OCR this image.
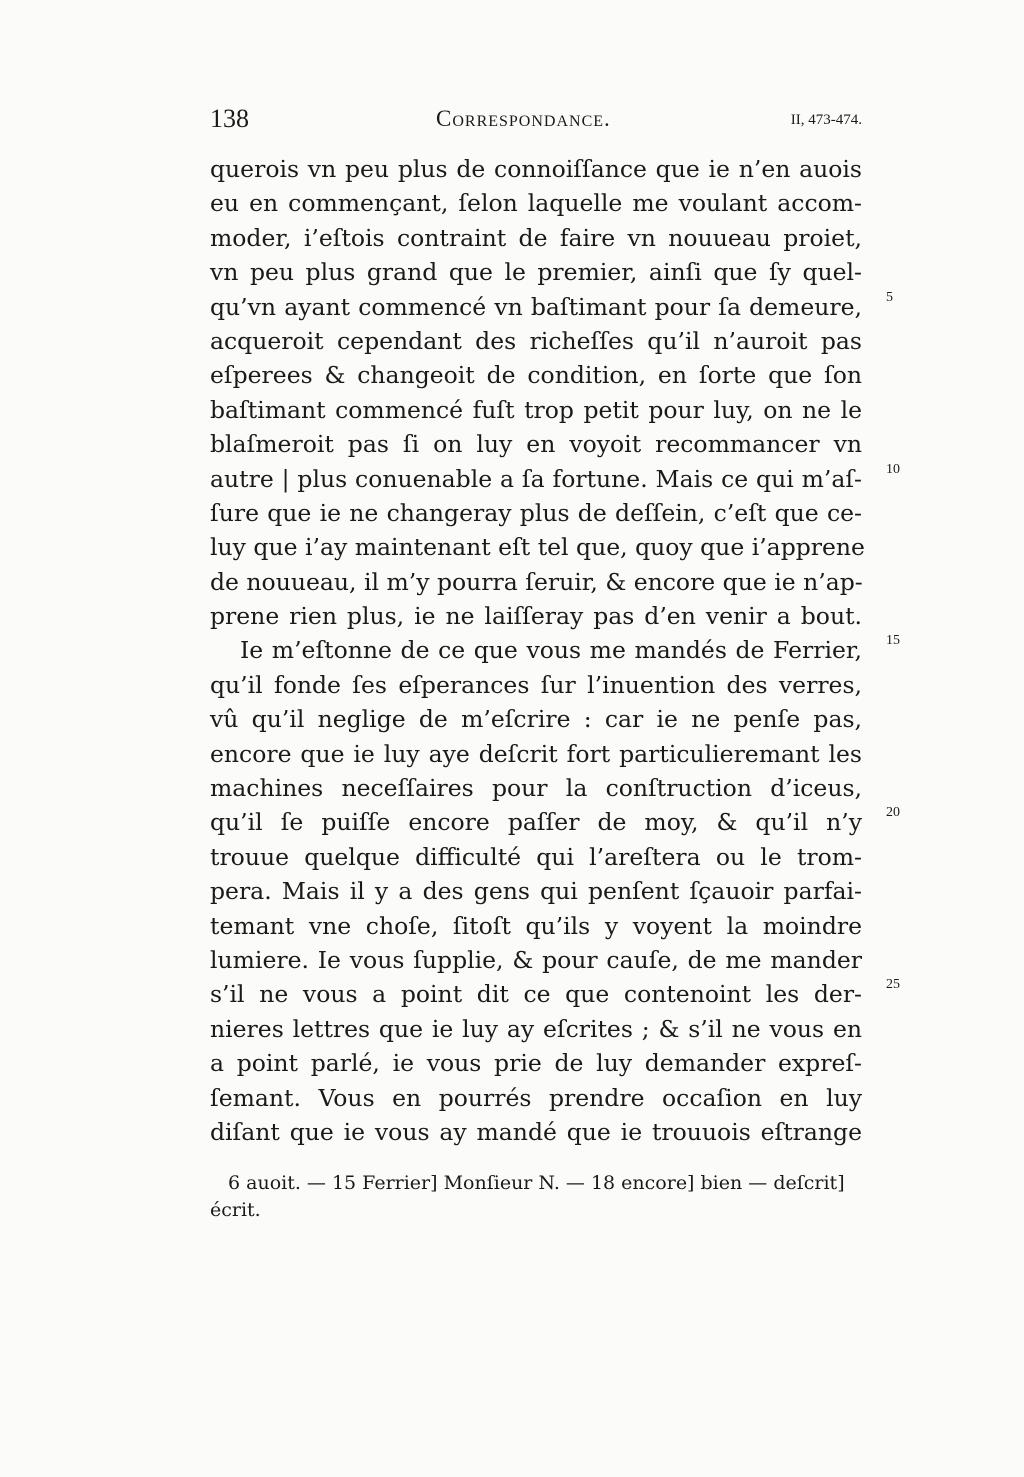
138	Correspondance.	II, 473-474.
querois vn peu plus de connoiſſance que ie n’en auois
eu en commençant, ſelon laquelle me voulant accom-
moder, i’eſtois contraint de faire vn nouueau proiet,
vn peu plus grand que le premier, ainſi que ſy quel-
qu’vn ayant commencé vn baſtimant pour ſa demeure, 5
acqueroit cependant des richeſſes qu’il n’auroit pas
eſperees & changeoit de condition, en ſorte que ſon
baſtimant commencé fuſt trop petit pour luy, on ne le
blaſmeroit pas ſi on luy en voyoit recommancer vn
autre | plus conuenable a ſa fortune. Mais ce qui m’aſ- 10
ſure que ie ne changeray plus de deſſein, c’eſt que ce-
luy que i’ay maintenant eſt tel que, quoy que i’apprene
de nouueau, il m’y pourra ſeruir, & encore que ie n’ap-
prene rien plus, ie ne laiſſeray pas d’en venir a bout.
Ie m’eſtonne de ce que vous me mandés de Ferrier, 15
qu’il fonde ſes eſperances ſur l’inuention des verres,
vû qu’il neglige de m’eſcrire : car ie ne penſe pas,
encore que ie luy aye deſcrit fort particulieremant les
machines neceſſaires pour la conſtruction d’iceus,
qu’il ſe puiſſe encore paſſer de moy, & qu’il n’y 20
trouue quelque difficulté qui l’areſtera ou le trom-
pera. Mais il y a des gens qui penſent ſçauoir parfai-
temant vne choſe, ſitoſt qu’ils y voyent la moindre
lumiere. Ie vous ſupplie, & pour cauſe, de me mander
s’il ne vous a point dit ce que contenoint les der- 25
nieres lettres que ie luy ay eſcrites ; & s’il ne vous en
a point parlé, ie vous prie de luy demander expreſ-
ſemant. Vous en pourrés prendre occaſion en luy
diſant que ie vous ay mandé que ie trouuois eſtrange
6 auoit. — 15 Ferrier] Monſieur N. — 18 encore] bien — deſcrit]
écrit.
